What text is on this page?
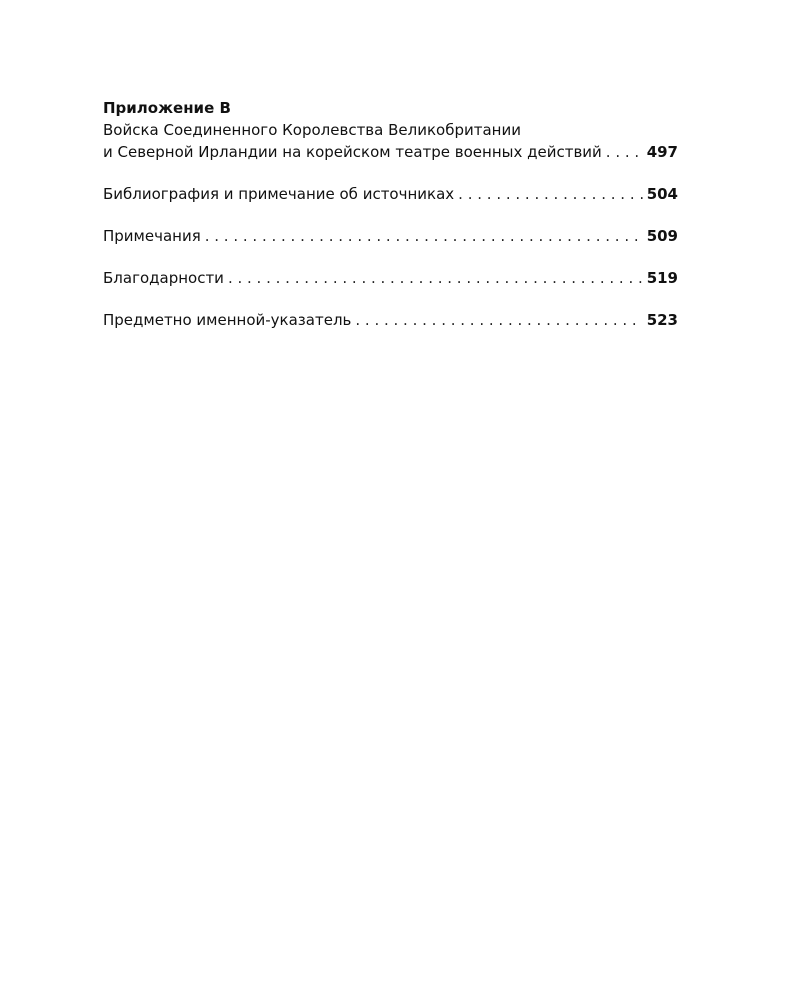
Приложение В
Войска Соединенного Королевства Великобритании
и Северной Ирландии на корейском театре военных действий . . .	497
Библиография и примечание об источниках . . .	504
Примечания . . .	509
Благодарности . . .	519
Предметно именной-указатель . . .	523
